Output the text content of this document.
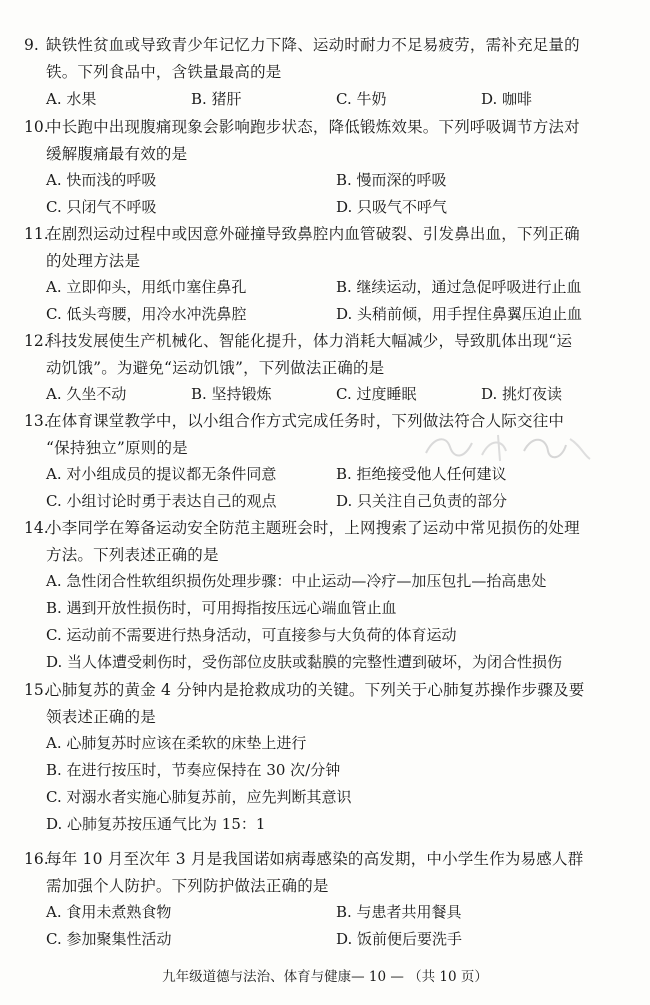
9. 缺铁性贫血或导致青少年记忆力下降、运动时耐力不足易疲劳，需补充足量的
铁。下列食品中，含铁量最高的是
A. 水果	B. 猪肝	C. 牛奶	D. 咖啡
10.
中长跑中出现腹痛现象会影响跑步状态，降低锻炼效果。下列呼吸调节方法对
缓解腹痛最有效的是
A. 快而浅的呼吸	B. 慢而深的呼吸
C. 只闭气不呼吸	D. 只吸气不呼气
11.
在剧烈运动过程中或因意外碰撞导致鼻腔内血管破裂、引发鼻出血，下列正确
的处理方法是
A. 立即仰头，用纸巾塞住鼻孔	B. 继续运动，通过急促呼吸进行止血
C. 低头弯腰，用冷水冲洗鼻腔	D. 头稍前倾，用手捏住鼻翼压迫止血
12.
科技发展使生产机械化、智能化提升，体力消耗大幅减少，导致肌体出现“运
动饥饿”。为避免“运动饥饿”，下列做法正确的是
A. 久坐不动	B. 坚持锻炼	C. 过度睡眠	D. 挑灯夜读
13.
在体育课堂教学中，以小组合作方式完成任务时，下列做法符合人际交往中
“保持独立”原则的是
A. 对小组成员的提议都无条件同意	B. 拒绝接受他人任何建议
C. 小组讨论时勇于表达自己的观点	D. 只关注自己负责的部分
14.
小李同学在筹备运动安全防范主题班会时，上网搜索了运动中常见损伤的处理
方法。下列表述正确的是
A. 急性闭合性软组织损伤处理步骤：中止运动—冷疗—加压包扎—抬高患处
B. 遇到开放性损伤时，可用拇指按压远心端血管止血
C. 运动前不需要进行热身活动，可直接参与大负荷的体育运动
D. 当人体遭受刺伤时，受伤部位皮肤或黏膜的完整性遭到破坏，为闭合性损伤
15.
心肺复苏的黄金 4 分钟内是抢救成功的关键。下列关于心肺复苏操作步骤及要
领表述正确的是
A. 心肺复苏时应该在柔软的床垫上进行
B. 在进行按压时，节奏应保持在 30 次/分钟
C. 对溺水者实施心肺复苏前，应先判断其意识
D. 心肺复苏按压通气比为 15：1
16.
每年 10 月至次年 3 月是我国诺如病毒感染的高发期，中小学生作为易感人群
需加强个人防护。下列防护做法正确的是
A. 食用未煮熟食物	B. 与患者共用餐具
C. 参加聚集性活动	D. 饭前便后要洗手
九年级道德与法治、体育与健康— 10 — （共 10 页）
